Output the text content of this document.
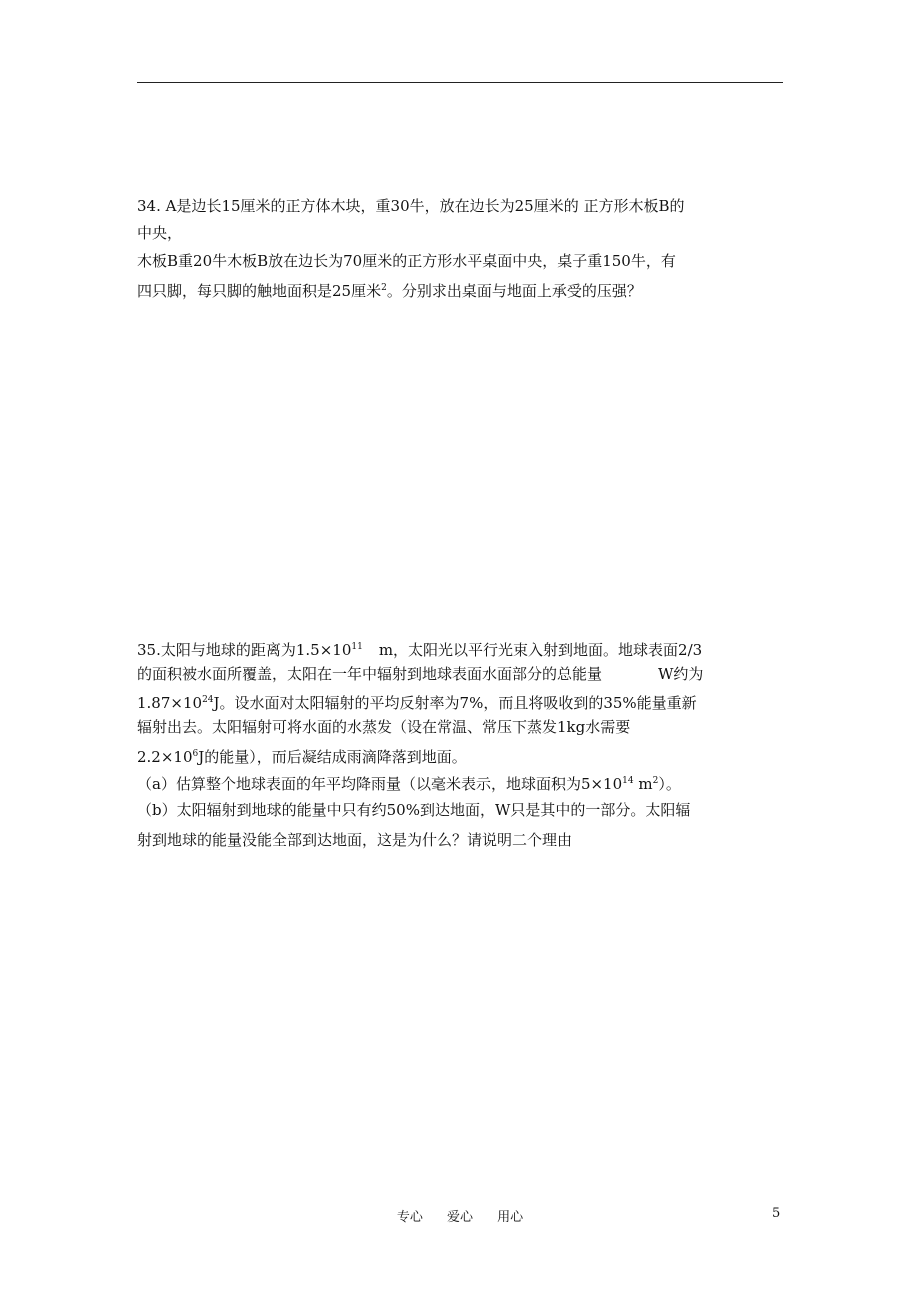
34. A是边长15厘米的正方体木块，重30牛，放在边长为25厘米的 正方形木板B的
中央，
木板B重20牛木板B放在边长为70厘米的正方形水平桌面中央，桌子重150牛，有
四只脚，每只脚的触地面积是25厘米$^2$。分别求出桌面与地面上承受的压强？
35.太阳与地球的距离为$1.5\times 10^{11}$ m，太阳光以平行光束入射到地面。地球表面2/3
的面积被水面所覆盖，太阳在一年中辐射到地球表面水面部分的总能量	W约为
$1.87\times 10^{24}J$。设水面对太阳辐射的平均反射率为7%，而且将吸收到的35%能量重新
辐射出去。太阳辐射可将水面的水蒸发（设在常温、常压下蒸发1kg水需要
$2.2\times 10^6J$的能量），而后凝结成雨滴降落到地面。
（a）估算整个地球表面的年平均降雨量（以毫米表示，地球面积为$5\times 10^{14}$ $m^2$）。
（b）太阳辐射到地球的能量中只有约50%到达地面，W只是其中的一部分。太阳辐
射到地球的能量没能全部到达地面，这是为什么？请说明二个理由
专心 爱心 用心	5
